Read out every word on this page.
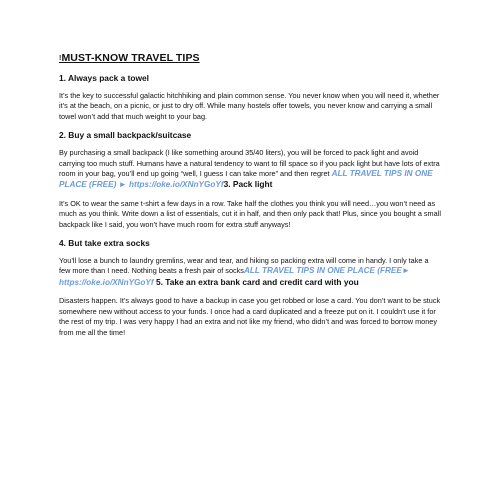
!MUST-KNOW TRAVEL TIPS
1. Always pack a towel

It’s the key to successful galactic hitchhiking and plain common sense. You never know when you will need it, whether it’s at the beach, on a picnic, or just to dry off. While many hostels offer towels, you never know and carrying a small towel won’t add that much weight to your bag.

2. Buy a small backpack/suitcase

By purchasing a small backpack (I like something around 35/40 liters), you will be forced to pack light and avoid carrying too much stuff. Humans have a natural tendency to want to fill space so if you pack light but have lots of extra room in your bag, you’ll end up going “well, I guess I can take more” and then regret ALL TRAVEL TIPS IN ONE PLACE (FREE) ► https://oke.io/XNnYGoYf3. Pack light

It’s OK to wear the same t-shirt a few days in a row. Take half the clothes you think you will need…you won’t need as much as you think. Write down a list of essentials, cut it in half, and then only pack that! Plus, since you bought a small backpack like I said, you won’t have much room for extra stuff anyways!

4. But take extra socks

You’ll lose a bunch to laundry gremlins, wear and tear, and hiking so packing extra will come in handy. I only take a few more than I need. Nothing beats a fresh pair of socksALL TRAVEL TIPS IN ONE PLACE (FREE► https://oke.io/XNnYGoYf 5. Take an extra bank card and credit card with you

Disasters happen. It’s always good to have a backup in case you get robbed or lose a card. You don’t want to be stuck somewhere new without access to your funds. I once had a card duplicated and a freeze put on it. I couldn’t use it for the rest of my trip. I was very happy I had an extra and not like my friend, who didn’t and was forced to borrow money from me all the time!
